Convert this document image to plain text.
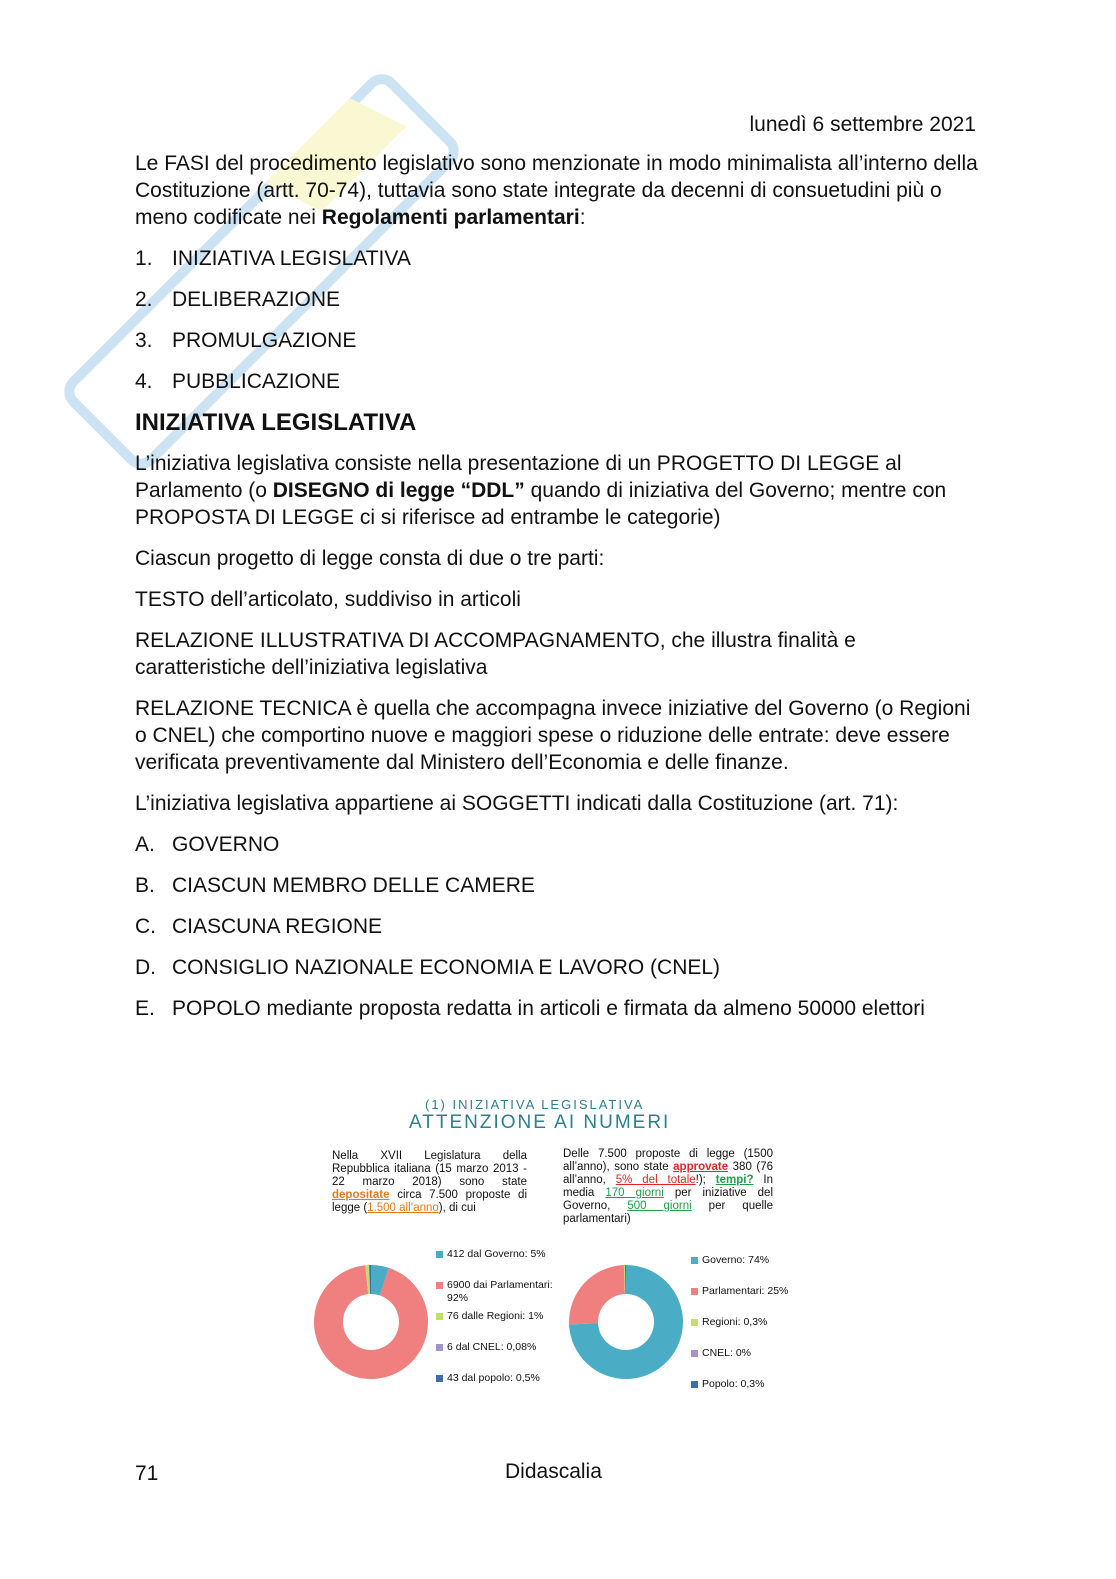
lunedì 6 settembre 2021

Le FASI del procedimento legislativo sono menzionate in modo minimalista all’interno della Costituzione (artt. 70-74), tuttavia sono state integrate da decenni di consuetudini più o meno codificate nei Regolamenti parlamentari:

1. INIZIATIVA LEGISLATIVA
2. DELIBERAZIONE
3. PROMULGAZIONE
4. PUBBLICAZIONE
INIZIATIVA LEGISLATIVA

L’iniziativa legislativa consiste nella presentazione di un PROGETTO DI LEGGE al Parlamento (o DISEGNO di legge “DDL” quando di iniziativa del Governo; mentre con PROPOSTA DI LEGGE ci si riferisce ad entrambe le categorie)

Ciascun progetto di legge consta di due o tre parti:

TESTO dell’articolato, suddiviso in articoli

RELAZIONE ILLUSTRATIVA DI ACCOMPAGNAMENTO, che illustra finalità e caratteristiche dell’iniziativa legislativa

RELAZIONE TECNICA è quella che accompagna invece iniziative del Governo (o Regioni o CNEL) che comportino nuove e maggiori spese o riduzione delle entrate: deve essere verificata preventivamente dal Ministero dell’Economia e delle finanze.

L’iniziativa legislativa appartiene ai SOGGETTI indicati dalla Costituzione (art. 71):

A. GOVERNO
B. CIASCUN MEMBRO DELLE CAMERE
C. CIASCUNA REGIONE
D. CONSIGLIO NAZIONALE ECONOMIA E LAVORO (CNEL)
E. POPOLO mediante proposta redatta in articoli e firmata da almeno 50000 elettori
(1) INIZIATIVA LEGISLATIVA
ATTENZIONE AI NUMERI
Nella XVII Legislatura della Repubblica italiana (15 marzo 2013 - 22 marzo 2018) sono state depositate circa 7.500 proposte di legge (1.500 all’anno), di cui
Delle 7.500 proposte di legge (1500 all’anno), sono state approvate 380 (76 all’anno, 5% del totale!); tempi? In media 170 giorni per iniziative del Governo, 500 giorni per quelle parlamentari)
412 dal Governo: 5%
6900 dai Parlamentari: 92%
76 dalle Regioni: 1%
6 dal CNEL: 0,08%
43 dal popolo: 0,5%
Governo: 74%
Parlamentari: 25%
Regioni: 0,3%
CNEL: 0%
Popolo: 0,3%
71	Didascalia
